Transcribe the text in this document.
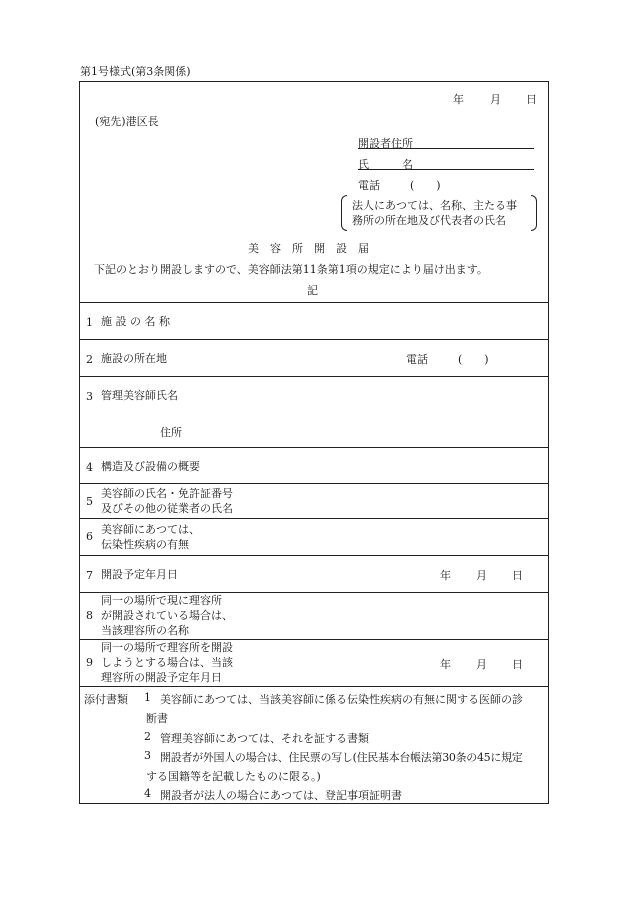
第1号様式(第3条関係)
年 月 日
(宛先)港区長
開設者住所
氏　　　名
電話	(　　)
法人にあつては、名称、主たる事
務所の所在地及び代表者の氏名
美　容　所　開　設　届
下記のとおり開設しますので、美容師法第11条第1項の規定により届け出ます。
記
1 施 設 の 名 称
2 施設の所在地	電話	(　　)
3 管理美容師氏名
住所
4 構造及び設備の概要
5
美容師の氏名・免許証番号
及びその他の従業者の氏名
6
美容師にあつては、
伝染性疾病の有無
7 開設予定年月日	年 月 日
8
同一の場所で現に理容所
が開設されている場合は、
当該理容所の名称
9
同一の場所で理容所を開設
しようとする場合は、当該
理容所の開設予定年月日
年 月 日
添付書類 1 美容師にあつては、当該美容師に係る伝染性疾病の有無に関する医師の診
断書
2 管理美容師にあつては、それを証する書類
3 開設者が外国人の場合は、住民票の写し(住民基本台帳法第30条の45に規定
する国籍等を記載したものに限る。)
4 開設者が法人の場合にあつては、登記事項証明書
